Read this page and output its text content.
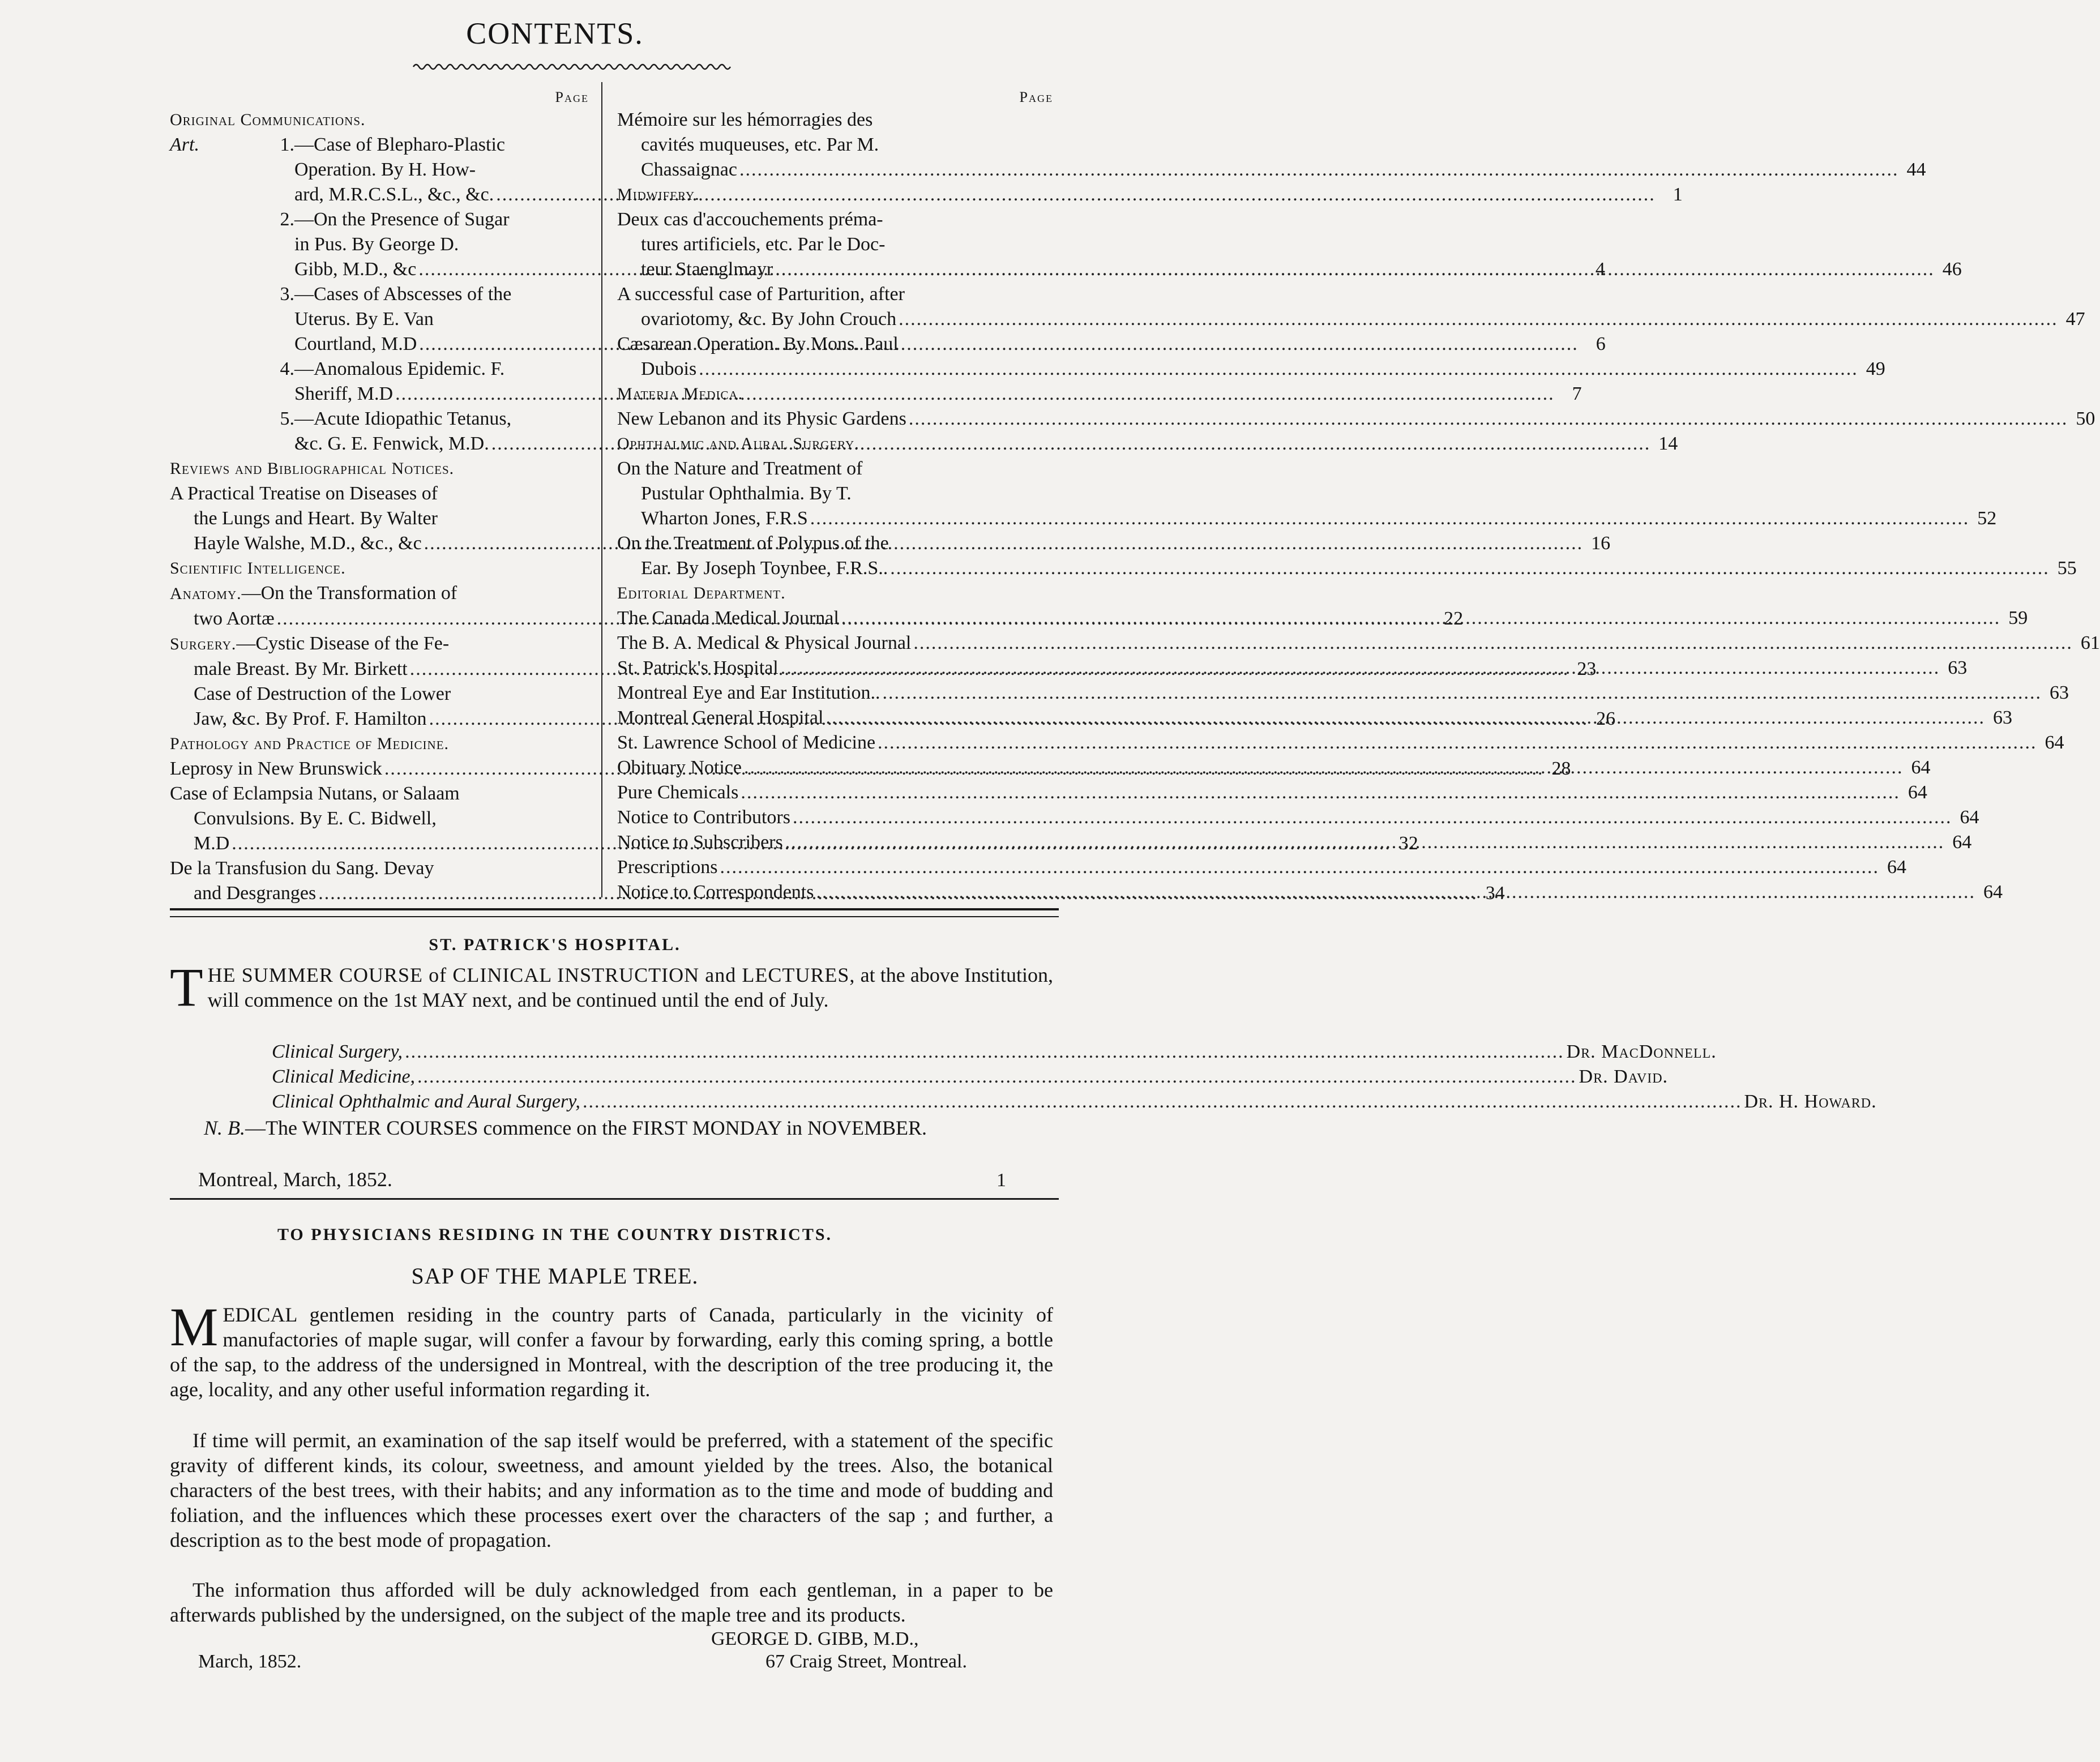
CONTENTS.
Page
Original Communications.
Art.	1. —Case of Blepharo-Plastic
Operation. By H. How-
ard, M.R.C.S.L., &c., &c. .....	1
2. —On the Presence of Sugar
in Pus. By George D.
Gibb, M.D., &c .....	4
3. —Cases of Abscesses of the
Uterus. By E. Van
Courtland, M.D .....	6
4. —Anomalous Epidemic. F.
Sheriff, M.D .....	7
5. —Acute Idiopathic Tetanus,
&c. G. E. Fenwick, M.D. .....	14
Reviews and Bibliographical Notices.
A Practical Treatise on Diseases of
the Lungs and Heart. By Walter
Hayle Walshe, M.D., &c., &c .....	16
Scientific Intelligence.
Anatomy. —On the Transformation of
two Aortæ .....	22
Surgery. —Cystic Disease of the Fe-
male Breast. By Mr. Birkett .....	23
Case of Destruction of the Lower
Jaw, &c. By Prof. F. Hamilton .....	26
Pathology and Practice of Medicine.
Leprosy in New Brunswick .....	28
Case of Eclampsia Nutans, or Salaam
Convulsions. By E. C. Bidwell,
M.D .....	32
De la Transfusion du Sang. Devay
and Desgranges .....	34
Page
Mémoire sur les hémorragies des
cavités muqueuses, etc. Par M.
Chassaignac .....	44
Midwifery.
Deux cas d'accouchements préma-
tures artificiels, etc. Par le Doc-
teur Staenglmayr .....	46
A successful case of Parturition, after
ovariotomy, &c. By John Crouch .....	47
Cæsarean Operation. By Mons. Paul
Dubois .....	49
Materia Medica.
New Lebanon and its Physic Gardens .....	50
Ophthalmic and Aural Surgery.
On the Nature and Treatment of
Pustular Ophthalmia. By T.
Wharton Jones, F.R.S .....	52
On the Treatment of Polypus of the
Ear. By Joseph Toynbee, F.R.S.. .....	55
Editorial Department.
The Canada Medical Journal .....	59
The B. A. Medical & Physical Journal .....	61
St. Patrick's Hospital .....	63
Montreal Eye and Ear Institution.. .....	63
Montreal General Hospital .....	63
St. Lawrence School of Medicine .....	64
Obituary Notice .....	64
Pure Chemicals .....	64
Notice to Contributors .....	64
Notice to Subscribers .....	64
Prescriptions .....	64
Notice to Correspondents .....	64
ST. PATRICK'S HOSPITAL.
T HE SUMMER COURSE of CLINICAL INSTRUCTION and LECTURES, at the above Institution, will commence on the 1st MAY next, and be continued until the end of July.
Clinical Surgery, .....	Dr. MacDonnell.
Clinical Medicine, .....	Dr. David.
Clinical Ophthalmic and Aural Surgery, .....	Dr. H. Howard.
N. B.—The WINTER COURSES commence on the FIRST MONDAY in NOVEMBER.
Montreal, March, 1852.	1
TO PHYSICIANS RESIDING IN THE COUNTRY DISTRICTS.
SAP OF THE MAPLE TREE.
M EDICAL gentlemen residing in the country parts of Canada, particularly in the vicinity of manufactories of maple sugar, will confer a favour by forwarding, early this coming spring, a bottle of the sap, to the address of the undersigned in Montreal, with the description of the tree producing it, the age, locality, and any other useful information regarding it.
If time will permit, an examination of the sap itself would be preferred, with a statement of the specific gravity of different kinds, its colour, sweetness, and amount yielded by the trees. Also, the botanical characters of the best trees, with their habits; and any information as to the time and mode of budding and foliation, and the influences which these processes exert over the characters of the sap ; and further, a description as to the best mode of propagation.
The information thus afforded will be duly acknowledged from each gentleman, in a paper to be afterwards published by the undersigned, on the subject of the maple tree and its products.
GEORGE D. GIBB, M.D.,
March, 1852.	67 Craig Street, Montreal.
